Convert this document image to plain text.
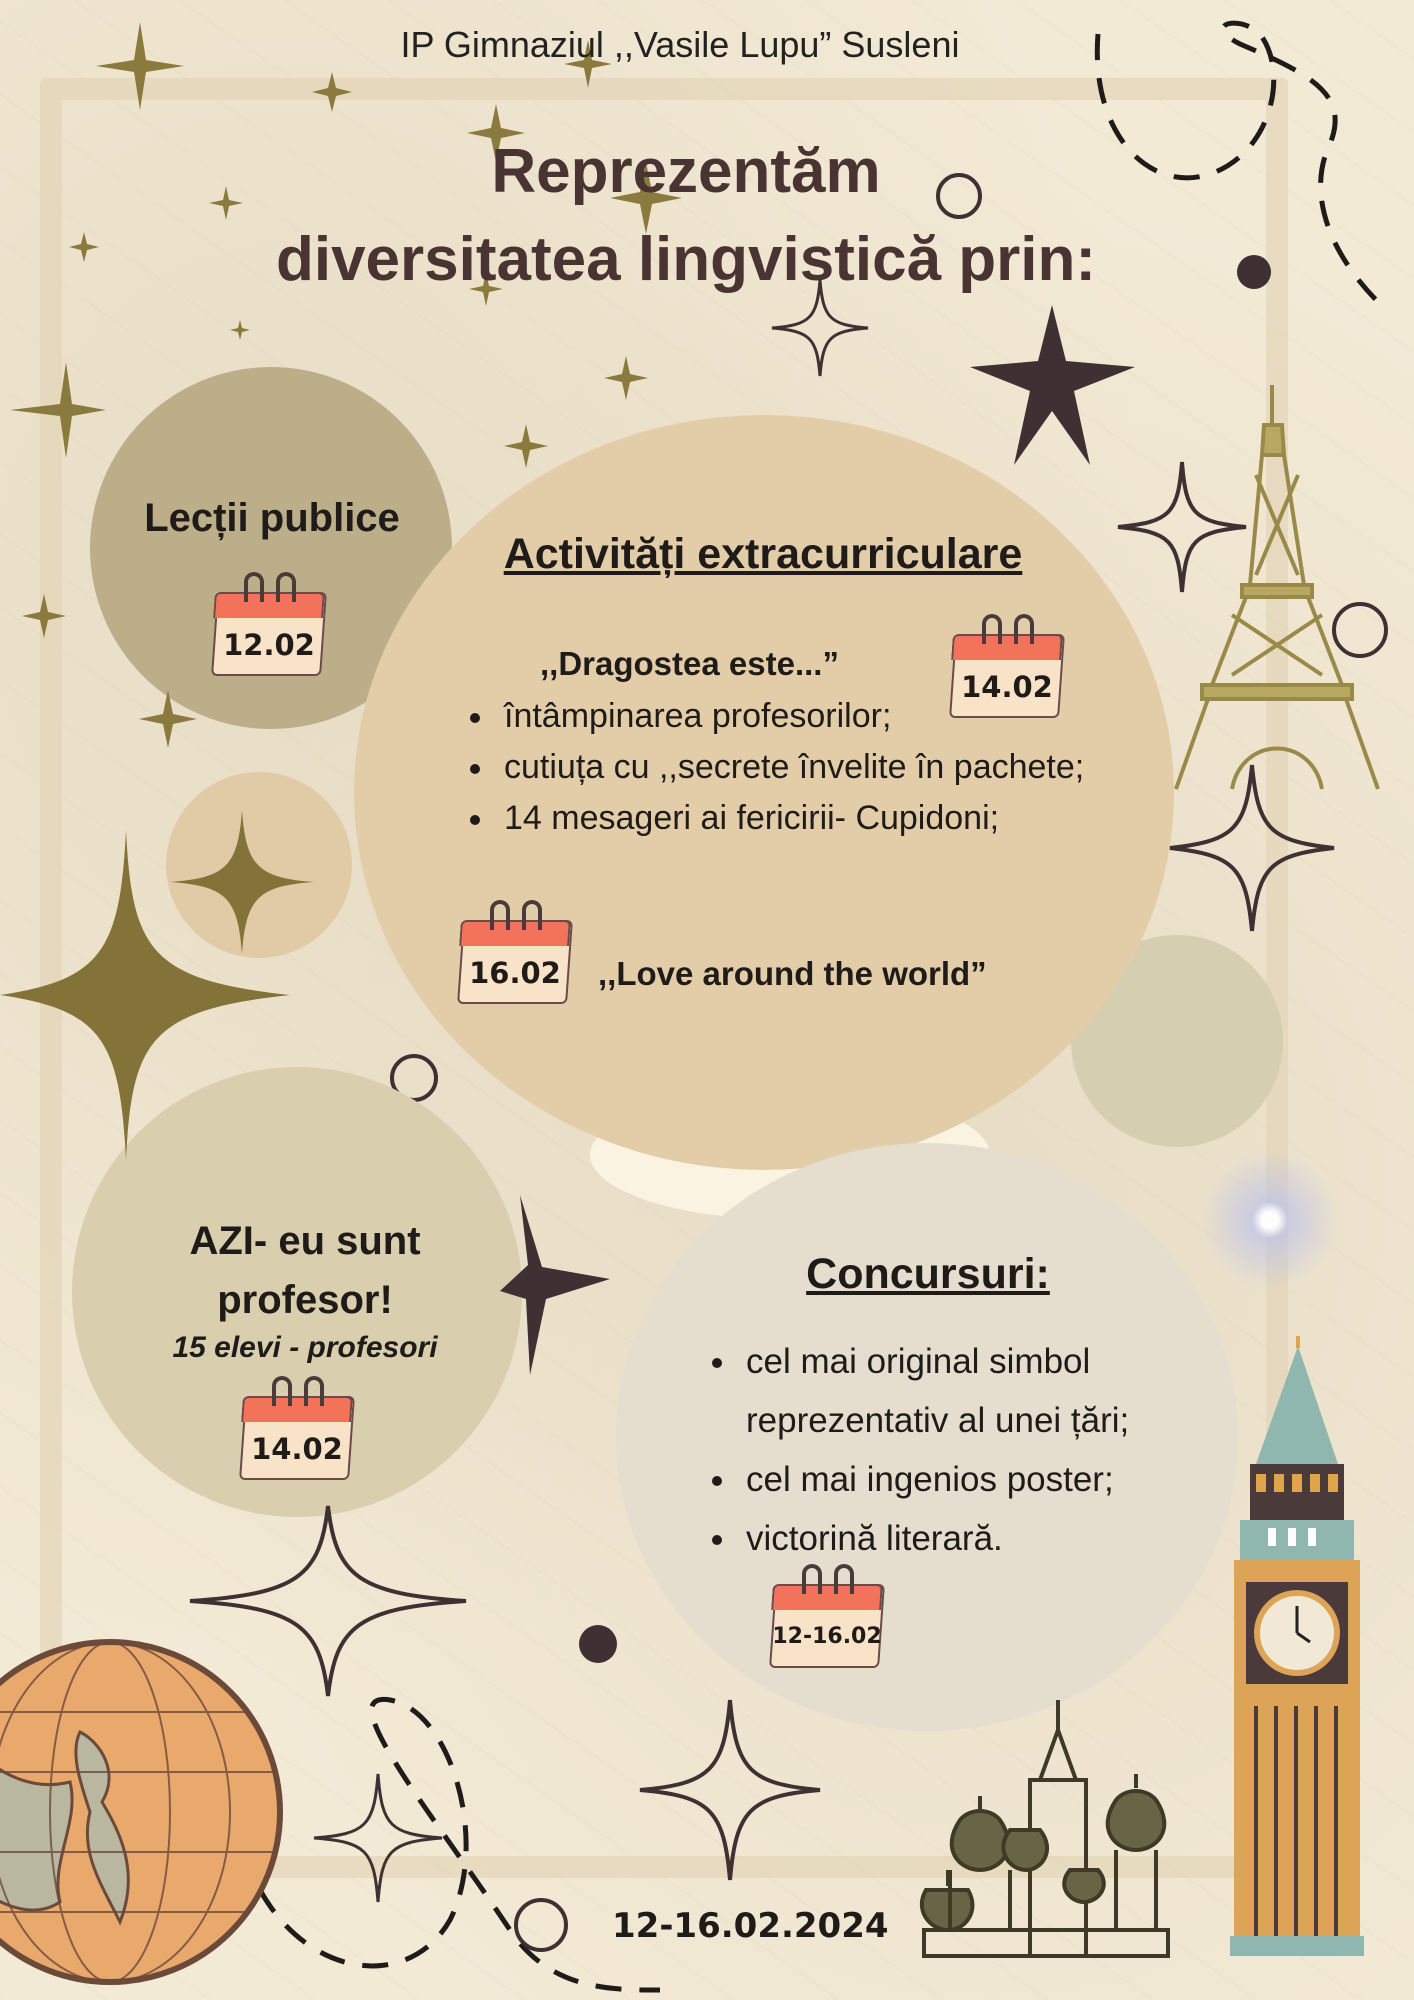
IP Gimnaziul ,,Vasile Lupu” Susleni
Reprezentăm
diversitatea lingvistică prin:
Lecții publice
12.02
Activități extracurriculare
,,Dragostea este...”
14.02
întâmpinarea profesorilor;
cutiuța cu ,,secrete învelite în pachete;
14 mesageri ai fericirii- Cupidoni;
16.02	,,Love around the world”
AZI- eu sunt profesor!
15 elevi - profesori
14.02
Concursuri:
cel mai original simbol reprezentativ al unei țări;
cel mai ingenios poster;
victorină literară.
12-16.02
12-16.02.2024
